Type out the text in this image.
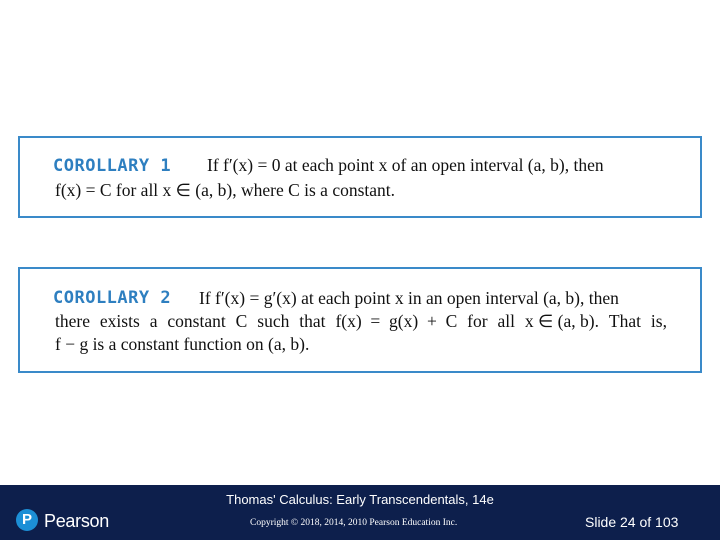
COROLLARY 1 If f′(x) = 0 at each point x of an open interval (a, b), then
f(x) = C for all x ∈ (a, b), where C is a constant.
COROLLARY 2 If f′(x) = g′(x) at each point x in an open interval (a, b), then
there exists a constant C such that f(x)  =  g(x)  +  C for all x ∈ (a, b). That is,
f − g is a constant function on (a, b).
P Pearson
Thomas' Calculus: Early Transcendentals, 14e
Copyright © 2018, 2014, 2010 Pearson Education Inc.	Slide 24 of 103
